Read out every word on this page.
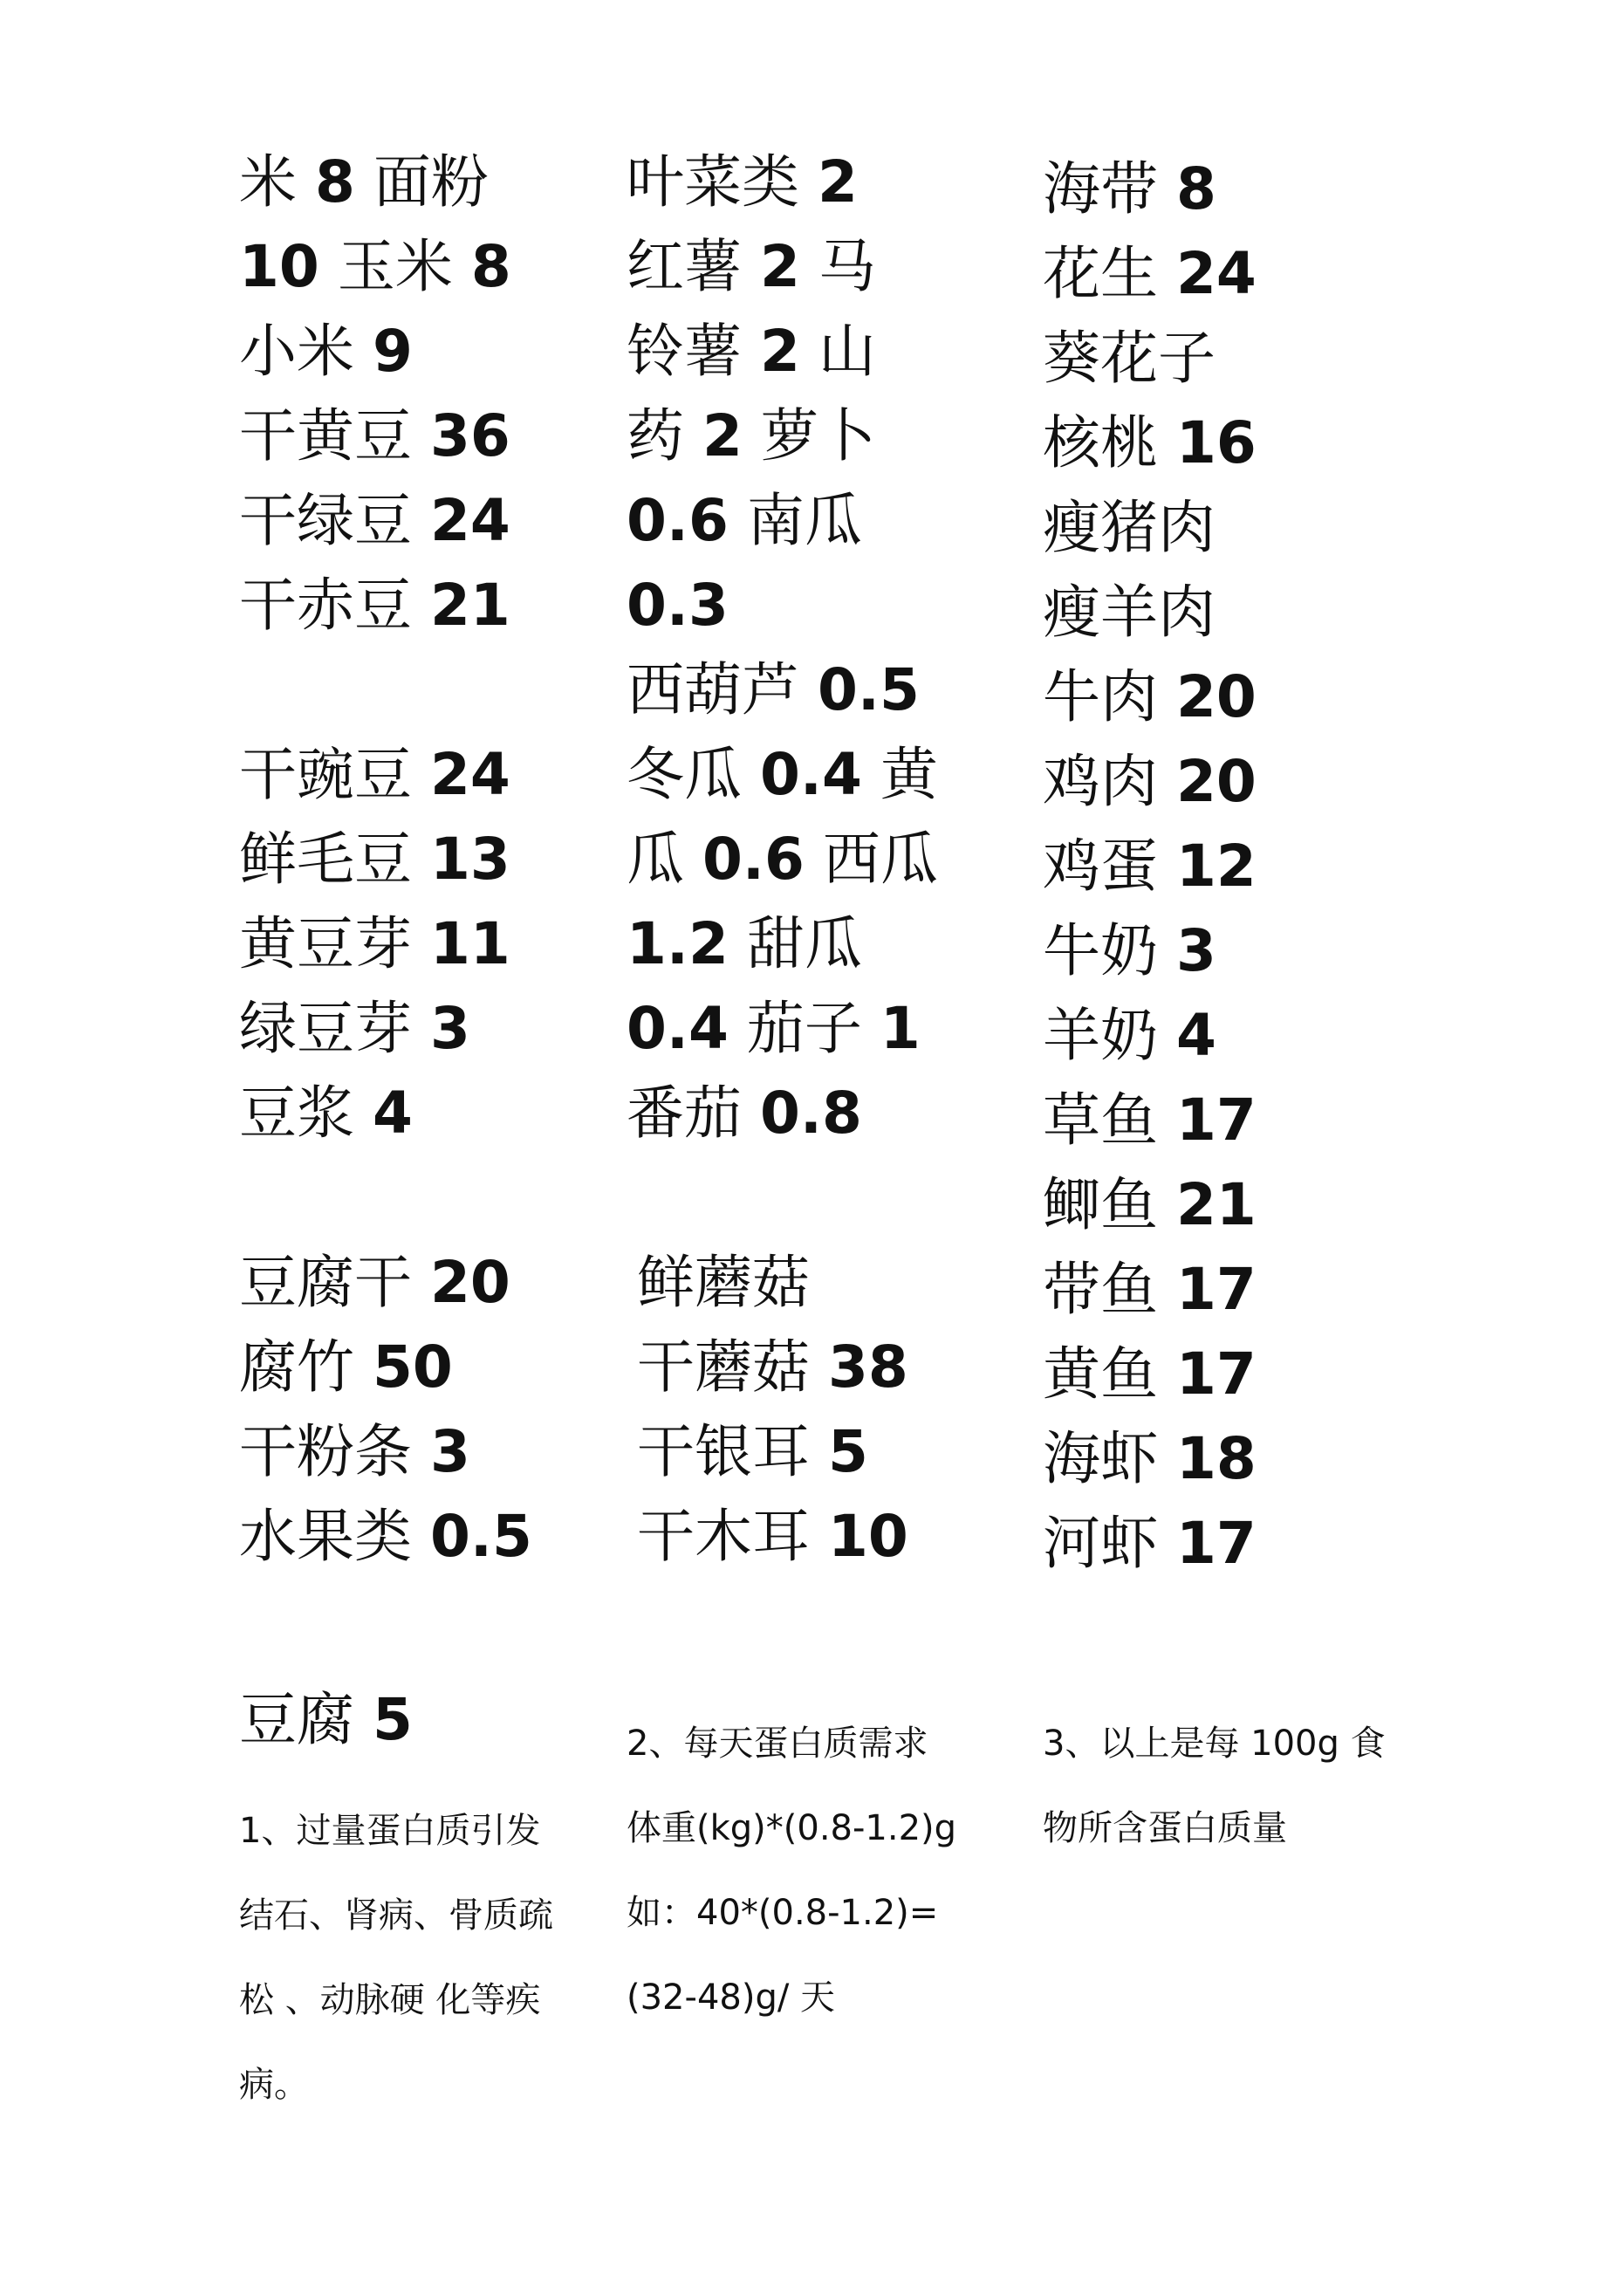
米 8 面粉
10 玉米 8
小米 9
干黄豆 36
干绿豆 24
干赤豆 21
干豌豆 24
鲜毛豆 13
黄豆芽 11
绿豆芽 3
豆浆 4
豆腐干 20
腐竹 50
干粉条 3
水果类 0.5
叶菜类 2
红薯 2 马
铃薯 2 山
药 2 萝卜
0.6 南瓜
0.3
西葫芦 0.5
冬瓜 0.4 黄
瓜 0.6 西瓜
1.2 甜瓜
0.4 茄子 1
番茄 0.8
鲜蘑菇
干蘑菇 38
干银耳 5
干木耳 10
海带 8
花生 24
葵花子
核桃 16
瘦猪肉
瘦羊肉
牛肉 20
鸡肉 20
鸡蛋 12
牛奶 3
羊奶 4
草鱼 17
鲫鱼 21
带鱼 17
黄鱼 17
海虾 18
河虾 17
豆腐 5
1、过量蛋白质引发
结石、肾病、骨质疏
松 、动脉硬 化等疾
病。
2、每天蛋白质需求
体重(kg)*(0.8-1.2)g
如：40*(0.8-1.2)=
(32-48)g/ 天
3、以上是每 100g 食
物所含蛋白质量
